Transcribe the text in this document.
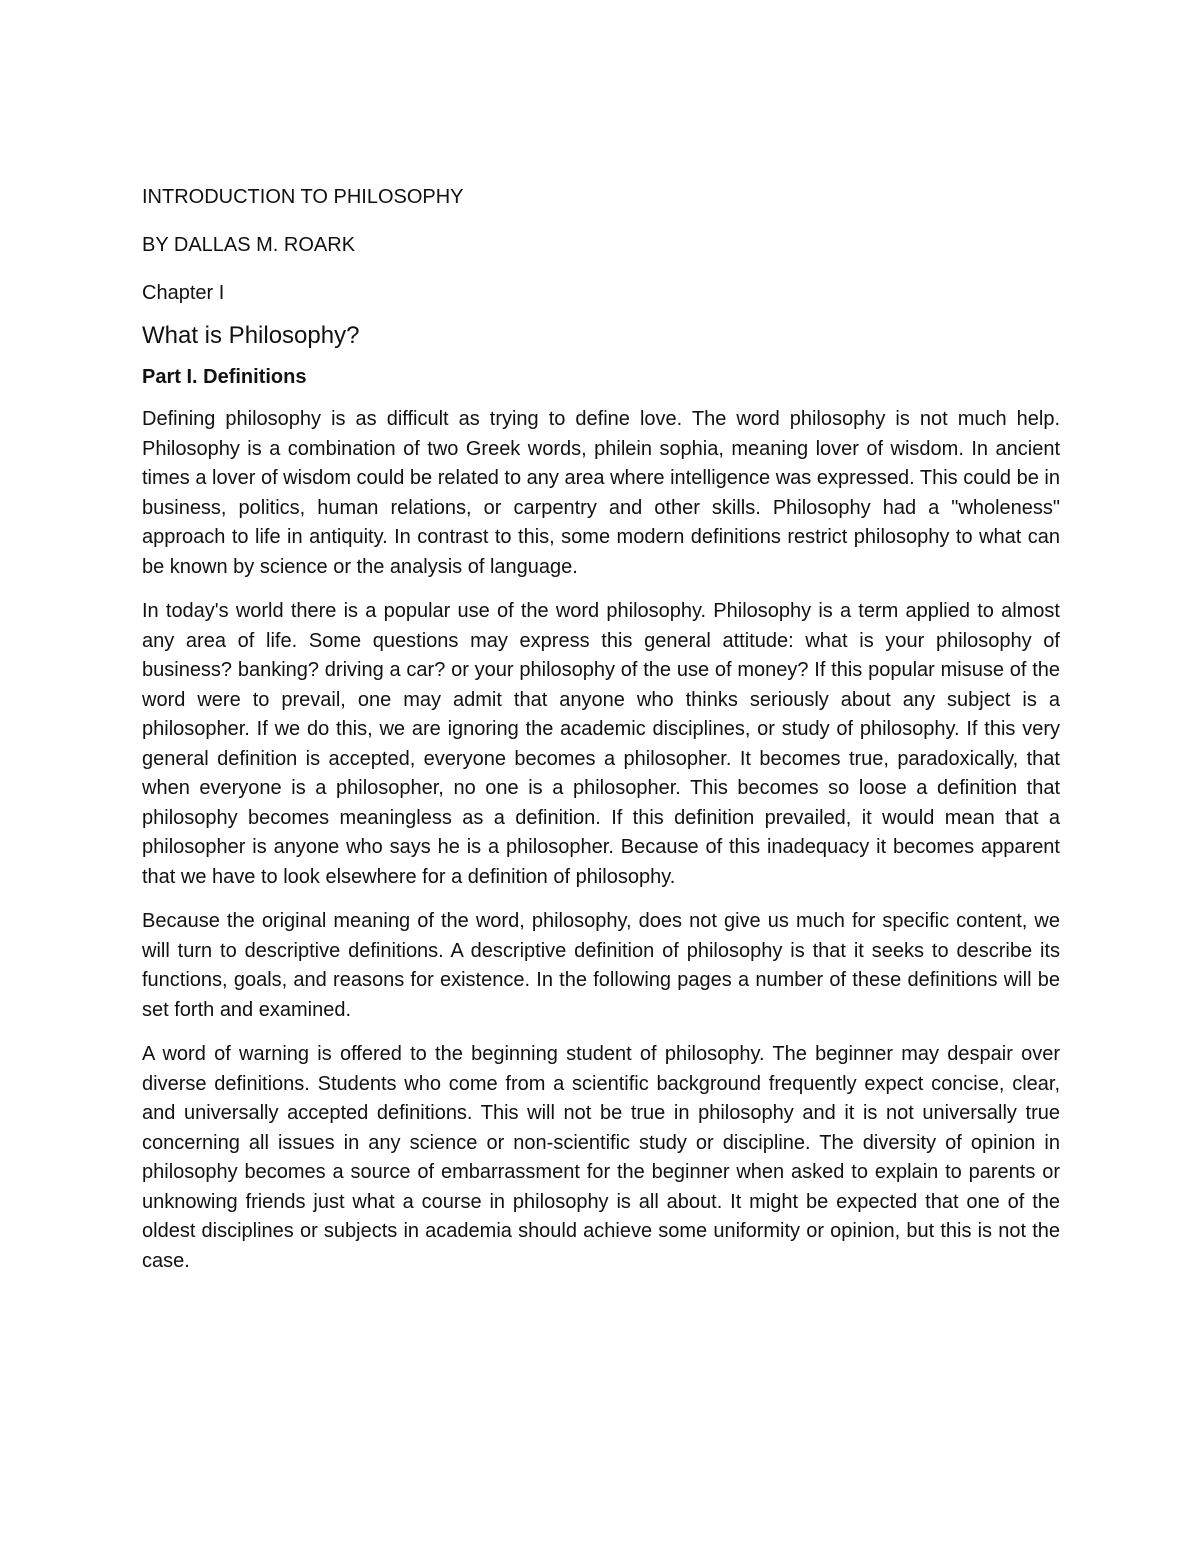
INTRODUCTION TO PHILOSOPHY
BY DALLAS M. ROARK
Chapter I
What is Philosophy?
Part I. Definitions

Defining philosophy is as difficult as trying to define love. The word philosophy is not much help. Philosophy is a combination of two Greek words, philein sophia, meaning lover of wisdom. In ancient times a lover of wisdom could be related to any area where intelligence was expressed. This could be in business, politics, human relations, or carpentry and other skills. Philosophy had a "wholeness" approach to life in antiquity. In contrast to this, some modern definitions restrict philosophy to what can be known by science or the analysis of language.

In today's world there is a popular use of the word philosophy. Philosophy is a term applied to almost any area of life. Some questions may express this general attitude: what is your philosophy of business? banking? driving a car? or your philosophy of the use of money? If this popular misuse of the word were to prevail, one may admit that anyone who thinks seriously about any subject is a philosopher. If we do this, we are ignoring the academic disciplines, or study of philosophy. If this very general definition is accepted, everyone becomes a philosopher. It becomes true, paradoxically, that when everyone is a philosopher, no one is a philosopher. This becomes so loose a definition that philosophy becomes meaningless as a definition. If this definition prevailed, it would mean that a philosopher is anyone who says he is a philosopher. Because of this inadequacy it becomes apparent that we have to look elsewhere for a definition of philosophy.

Because the original meaning of the word, philosophy, does not give us much for specific content, we will turn to descriptive definitions. A descriptive definition of philosophy is that it seeks to describe its functions, goals, and reasons for existence. In the following pages a number of these definitions will be set forth and examined.

A word of warning is offered to the beginning student of philosophy. The beginner may despair over diverse definitions. Students who come from a scientific background frequently expect concise, clear, and universally accepted definitions. This will not be true in philosophy and it is not universally true concerning all issues in any science or non-scientific study or discipline. The diversity of opinion in philosophy becomes a source of embarrassment for the beginner when asked to explain to parents or unknowing friends just what a course in philosophy is all about. It might be expected that one of the oldest disciplines or subjects in academia should achieve some uniformity or opinion, but this is not the case.
